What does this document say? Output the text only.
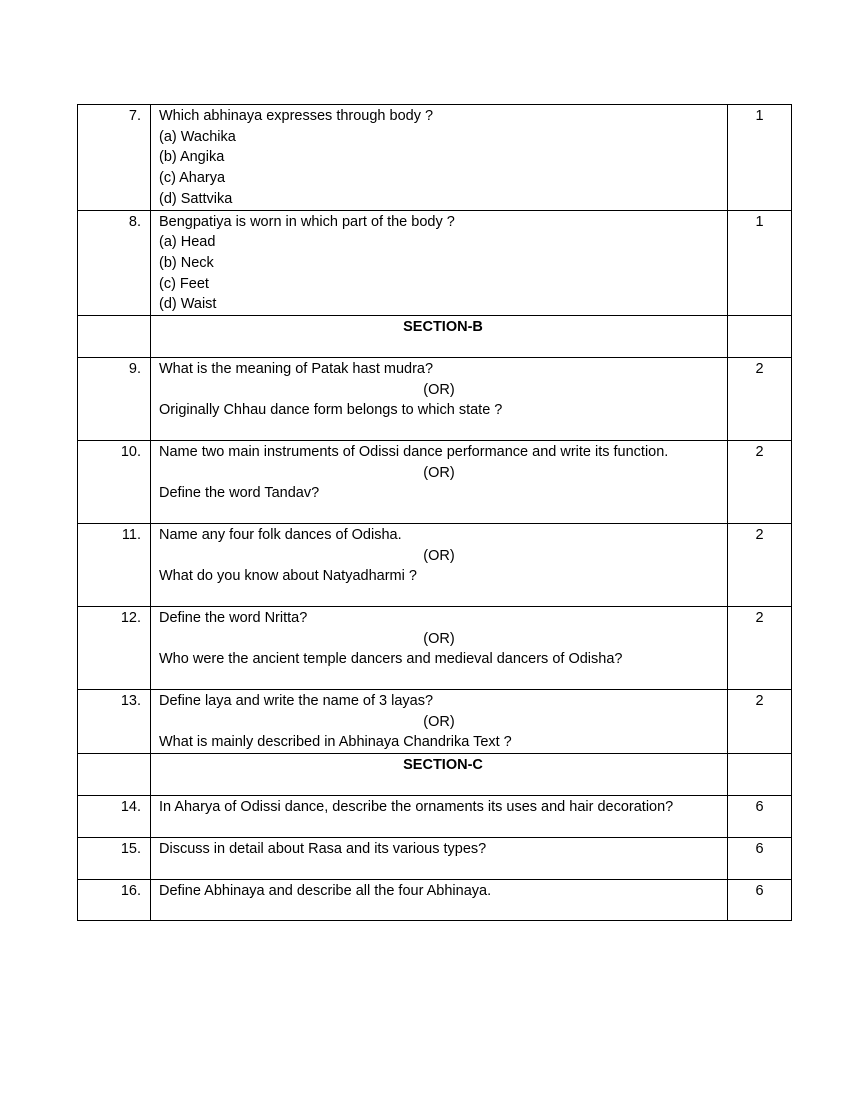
7.	Which abhinaya expresses through body ?
(a) Wachika
(b) Angika
(c) Aharya
(d) Sattvika	1
8.	Bengpatiya is worn in which part of the body ?
(a) Head
(b) Neck
(c) Feet
(d) Waist	1

	SECTION-B	

9.	What is the meaning of Patak hast mudra?
(OR)
Originally Chhau dance form belongs to which state ?	2
10.	Name two main instruments of Odissi dance performance and write its function.
(OR)
Define the word Tandav?	2
11.	Name any four folk dances of Odisha.
(OR)
What do you know about Natyadharmi ?	2
12.	Define the word Nritta?
(OR)
Who were the ancient temple dancers and medieval dancers of Odisha?	2
13.	Define laya and write the name of 3 layas?
(OR)
What is mainly described in Abhinaya Chandrika Text ?	2

	SECTION-C	

14.	In Aharya of Odissi dance, describe the ornaments its uses and hair decoration?	6
15.	Discuss in detail about Rasa and its various types?	6
16.	Define Abhinaya and describe all the four Abhinaya.	6
